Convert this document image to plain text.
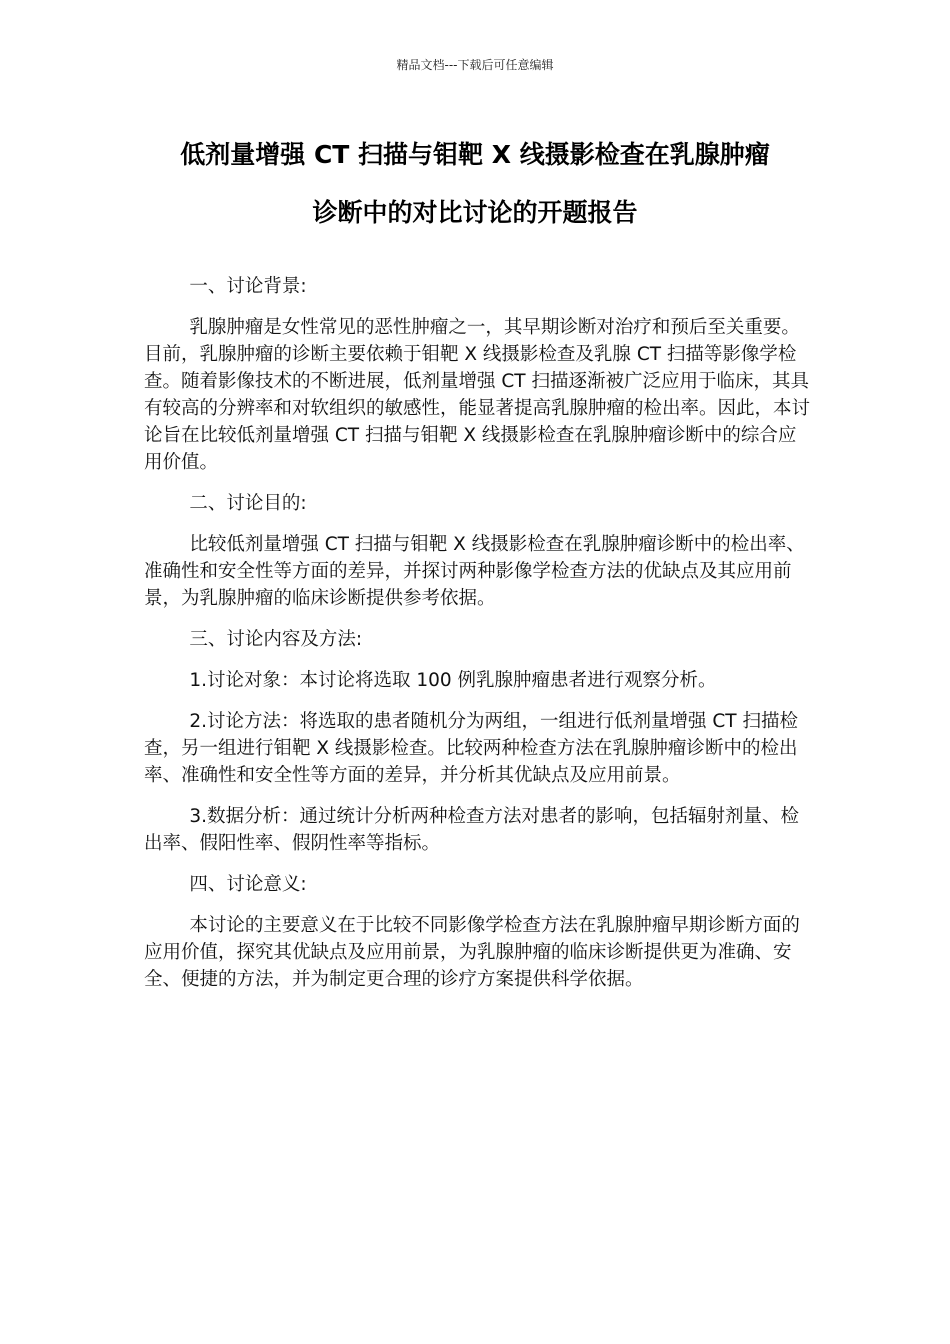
精品文档---下载后可任意编辑
低剂量增强 CT 扫描与钼靶 X 线摄影检查在乳腺肿瘤
诊断中的对比讨论的开题报告

一、讨论背景:

乳腺肿瘤是女性常见的恶性肿瘤之一，其早期诊断对治疗和预后至关重要。目前，乳腺肿瘤的诊断主要依赖于钼靶 X 线摄影检查及乳腺 CT 扫描等影像学检查。随着影像技术的不断进展，低剂量增强 CT 扫描逐渐被广泛应用于临床，其具有较高的分辨率和对软组织的敏感性，能显著提高乳腺肿瘤的检出率。因此，本讨论旨在比较低剂量增强 CT 扫描与钼靶 X 线摄影检查在乳腺肿瘤诊断中的综合应用价值。

二、讨论目的:

比较低剂量增强 CT 扫描与钼靶 X 线摄影检查在乳腺肿瘤诊断中的检出率、准确性和安全性等方面的差异，并探讨两种影像学检查方法的优缺点及其应用前景，为乳腺肿瘤的临床诊断提供参考依据。

三、讨论内容及方法:

1.讨论对象：本讨论将选取 100 例乳腺肿瘤患者进行观察分析。

2.讨论方法：将选取的患者随机分为两组，一组进行低剂量增强 CT 扫描检查，另一组进行钼靶 X 线摄影检查。比较两种检查方法在乳腺肿瘤诊断中的检出率、准确性和安全性等方面的差异，并分析其优缺点及应用前景。

3.数据分析：通过统计分析两种检查方法对患者的影响，包括辐射剂量、检出率、假阳性率、假阴性率等指标。

四、讨论意义:

本讨论的主要意义在于比较不同影像学检查方法在乳腺肿瘤早期诊断方面的应用价值，探究其优缺点及应用前景，为乳腺肿瘤的临床诊断提供更为准确、安全、便捷的方法，并为制定更合理的诊疗方案提供科学依据。
